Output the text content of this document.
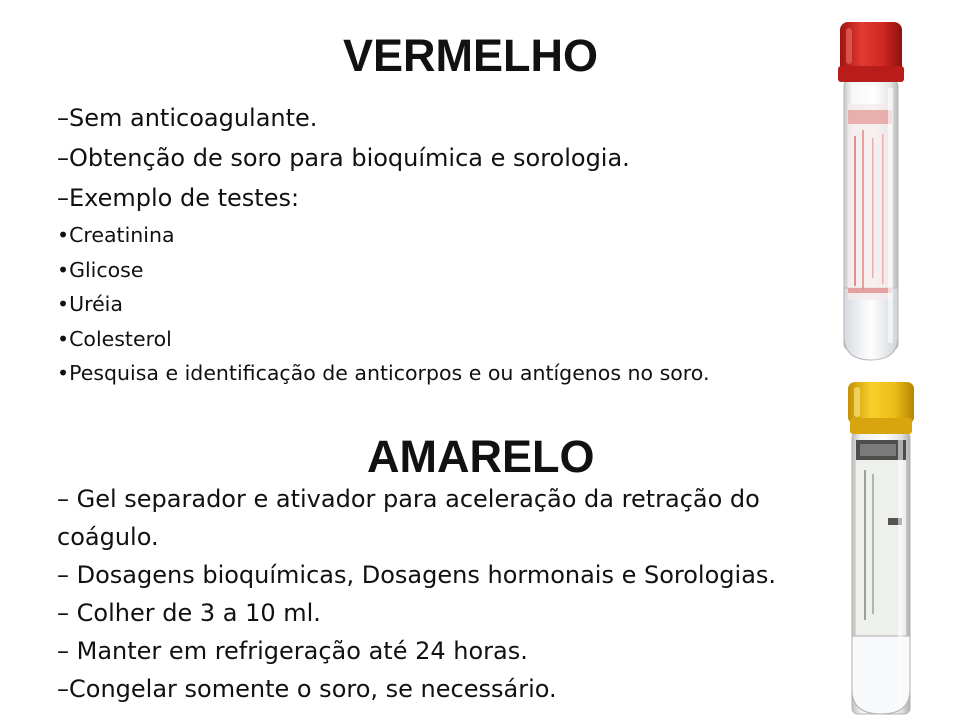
VERMELHO
–Sem anticoagulante.
–Obtenção de soro para bioquímica e sorologia.
–Exemplo de testes:
•Creatinina
•Glicose
•Uréia
•Colesterol
•Pesquisa e identificação de anticorpos e ou antígenos no soro.
AMARELO
– Gel separador e ativador para aceleração da retração do
coágulo.
– Dosagens bioquímicas, Dosagens hormonais e Sorologias.
– Colher de 3 a 10 ml.
– Manter em refrigeração até 24 horas.
–Congelar somente o soro, se necessário.
